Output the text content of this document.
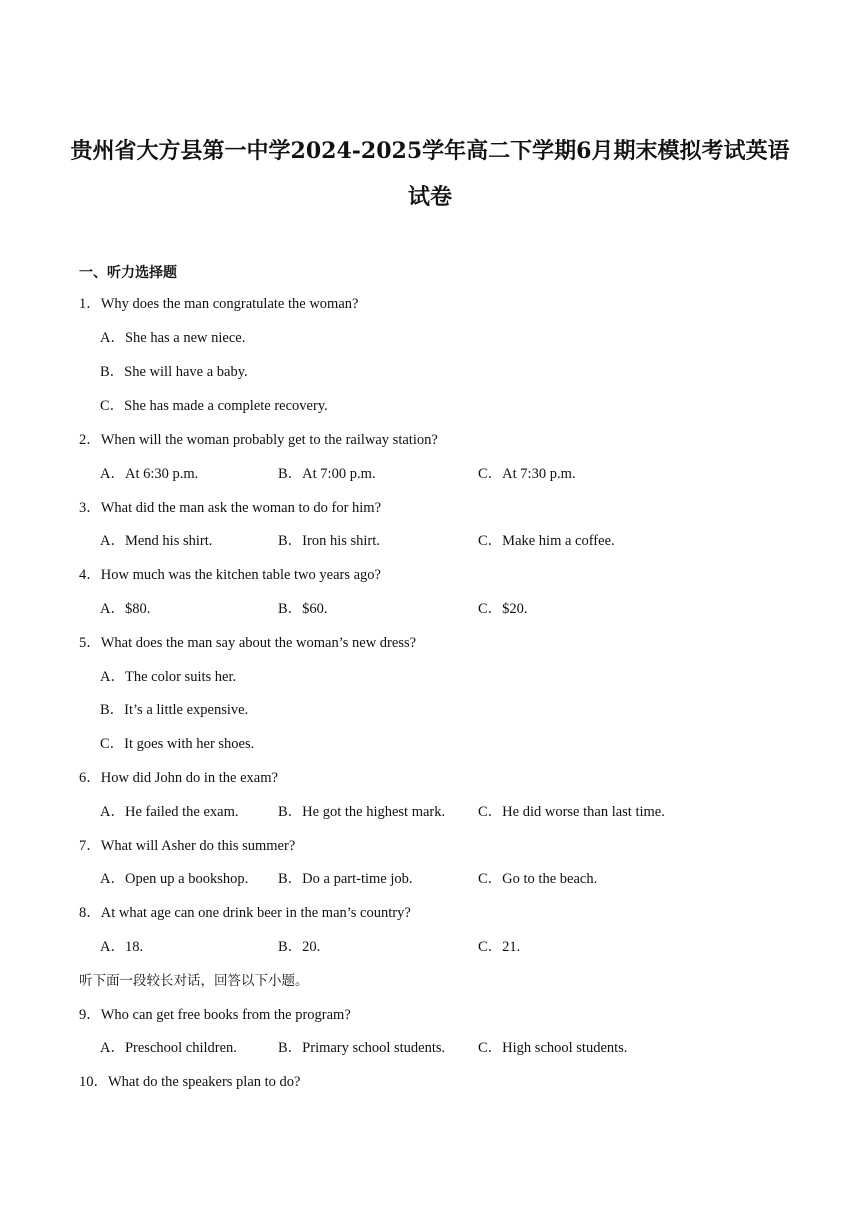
贵州省大方县第一中学2024-2025学年高二下学期6月期末模拟考试英语试卷
一、听力选择题
1．Why does the man congratulate the woman?
A．She has a new niece.
B．She will have a baby.
C．She has made a complete recovery.
2．When will the woman probably get to the railway station?
A．At 6:30 p.m.	B．At 7:00 p.m.	C．At 7:30 p.m.
3．What did the man ask the woman to do for him?
A．Mend his shirt.	B．Iron his shirt.	C．Make him a coffee.
4．How much was the kitchen table two years ago?
A．$80.	B．$60.	C．$20.
5．What does the man say about the woman’s new dress?
A．The color suits her.
B．It’s a little expensive.
C．It goes with her shoes.
6．How did John do in the exam?
A．He failed the exam.	B．He got the highest mark. C．He did worse than last time.
7．What will Asher do this summer?
A．Open up a bookshop. B．Do a part-time job.	C．Go to the beach.
8．At what age can one drink beer in the man’s country?
A．18.	B．20.	C．21.
听下面一段较长对话，回答以下小题。
9．Who can get free books from the program?
A．Preschool children.	B．Primary school students. C．High school students.
10．What do the speakers plan to do?
